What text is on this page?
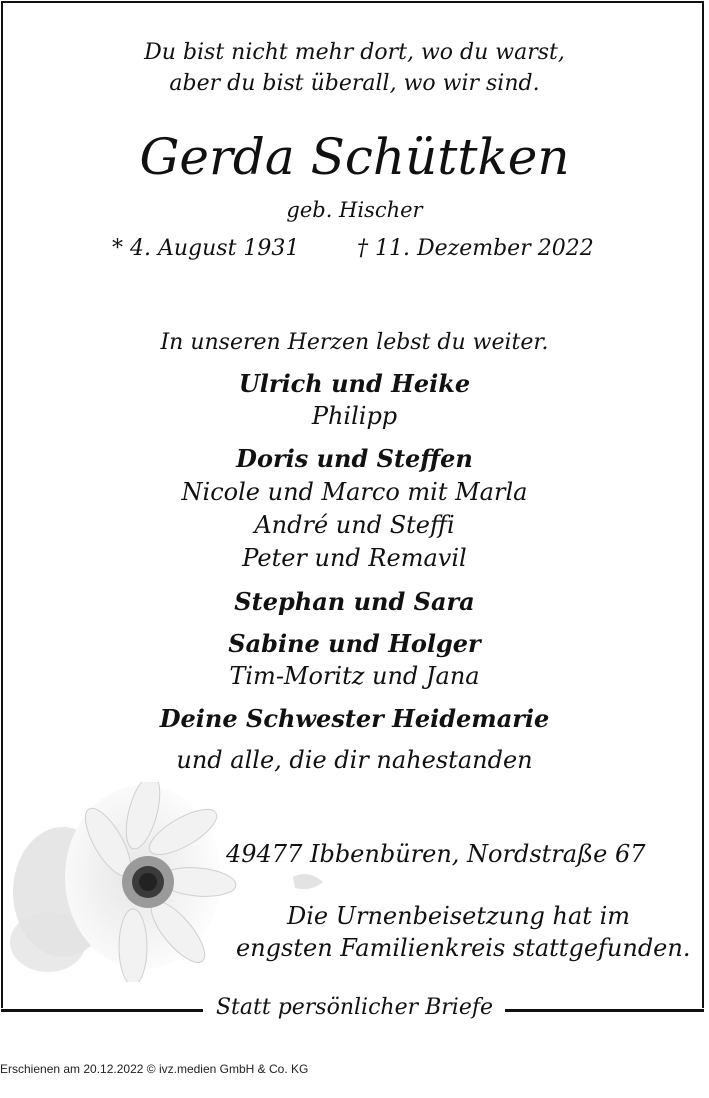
Du bist nicht mehr dort, wo du warst,
aber du bist überall, wo wir sind.
Gerda Schüttken
geb. Hischer
* 4. August 1931	† 11. Dezember 2022
In unseren Herzen lebst du weiter.
Ulrich und Heike
Philipp
Doris und Steffen
Nicole und Marco mit Marla
André und Steffi
Peter und Remavil
Stephan und Sara
Sabine und Holger
Tim-Moritz und Jana
Deine Schwester Heidemarie
und alle, die dir nahestanden
49477 Ibbenbüren, Nordstraße 67
Die Urnenbeisetzung hat im
engsten Familienkreis stattgefunden.
Statt persönlicher Briefe
Erschienen am 20.12.2022 © ivz.medien GmbH & Co. KG
